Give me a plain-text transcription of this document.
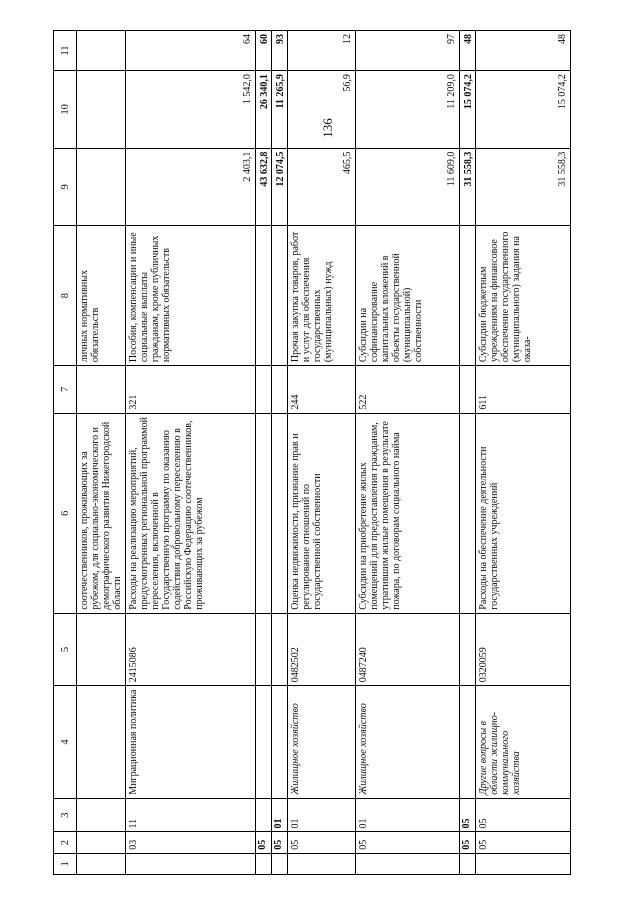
136
1	2	3	4	5	6	7	8	9	10	11
					соотечественников, проживающих за рубежом, для социально-экономического и демографического развития Нижегородской области		личных нормативных обязательств			
	03	11	Миграционная политика	2415086	Расходы на реализацию мероприятий, предусмотренных региональной программой переселения, включенной в Государственную программу по оказанию содействия добровольному переселению в Российскую Федерацию соотечественников, проживающих за рубежом	321	Пособия, компенсации и иные социальные выплаты гражданам, кроме публичных нормативных обязательств	2 403,1	1 542,0	64
	05							43 632,8	26 340,1	60
	05	01						12 074,5	11 265,9	93
	05	01	Жилищное хозяйство	0482502	Оценка недвижимости, признание прав и регулирование отношений по государственной собственности	244	Прочая закупка товаров, работ и услуг для обеспечения государственных (муниципальных) нужд	465,5	56,9	12
	05	01	Жилищное хозяйство	0487240	Субсидии на приобретение жилых помещений для предоставления гражданам, утратившим жилые помещения в результате пожара, по договорам социального найма	522	Субсидии на софинансирование капитальных вложений в объекты государственной (муниципальной) собственности	11 609,0	11 209,0	97
	05	05						31 558,3	15 074,2	48
	05	05	Другие вопросы в области жилищно-коммунального хозяйства	0320059	Расходы на обеспечение деятельности государственных учреждений	611	Субсидии бюджетным учреждениям на финансовое обеспечение государственного (муниципального) задания на оказа-	31 558,3	15 074,2	48
